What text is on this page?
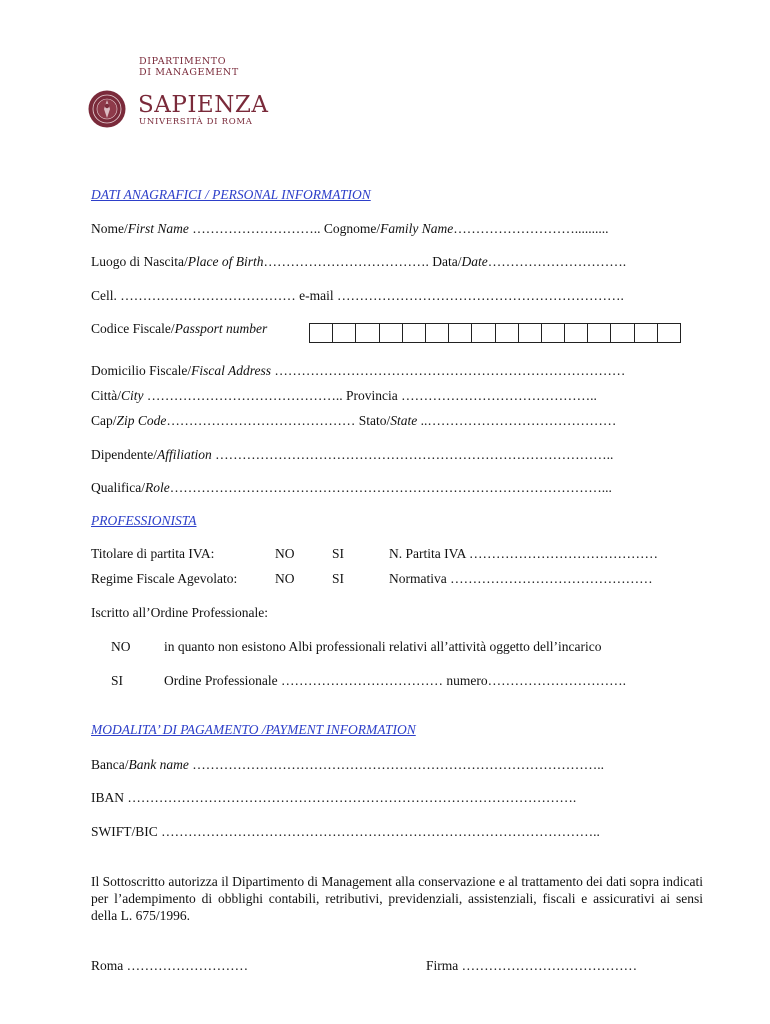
DIPARTIMENTO
DI MANAGEMENT
SAPIENZA
UNIVERSITÀ DI ROMA
DATI ANAGRAFICI / PERSONAL INFORMATION
Nome/First Name ……………………….. Cognome/Family Name………………………..........
Luogo di Nascita/Place of Birth………………………………. Data/Date………………………….
Cell. ………………………………… e-mail ……………………………………………………….
Codice Fiscale/Passport number

Domicilio Fiscale/Fiscal Address ……………………………………………………………………
Città/City …………………………………….. Provincia ……………………………………..
Cap/Zip Code…………………………………… Stato/State ..……………………………………
Dipendente/Affiliation ……………………………………………………………………………..
Qualifica/Role……………………………………………………………………………………...
PROFESSIONISTA
Titolare di partita IVA:	NO	SI	N. Partita IVA ……………………………………
Regime Fiscale Agevolato:	NO	SI	Normativa ………………………………………
Iscritto all’Ordine Professionale:
NO in quanto non esistono Albi professionali relativi all’attività oggetto dell’incarico
SI	Ordine Professionale ……………………………… numero………………………….
MODALITA’ DI PAGAMENTO /PAYMENT INFORMATION
Banca/Bank name ………………………………………………………………………………..
IBAN ……………………………………………………………………………………….
SWIFT/BIC ……………………………………………………………………………………..
Il Sottoscritto autorizza il Dipartimento di Management alla conservazione e al trattamento dei dati sopra indicati per l’adempimento di obblighi contabili, retributivi, previdenziali, assistenziali, fiscali e assicurativi ai sensi della L. 675/1996.
Roma ………………………	Firma …………………………………
